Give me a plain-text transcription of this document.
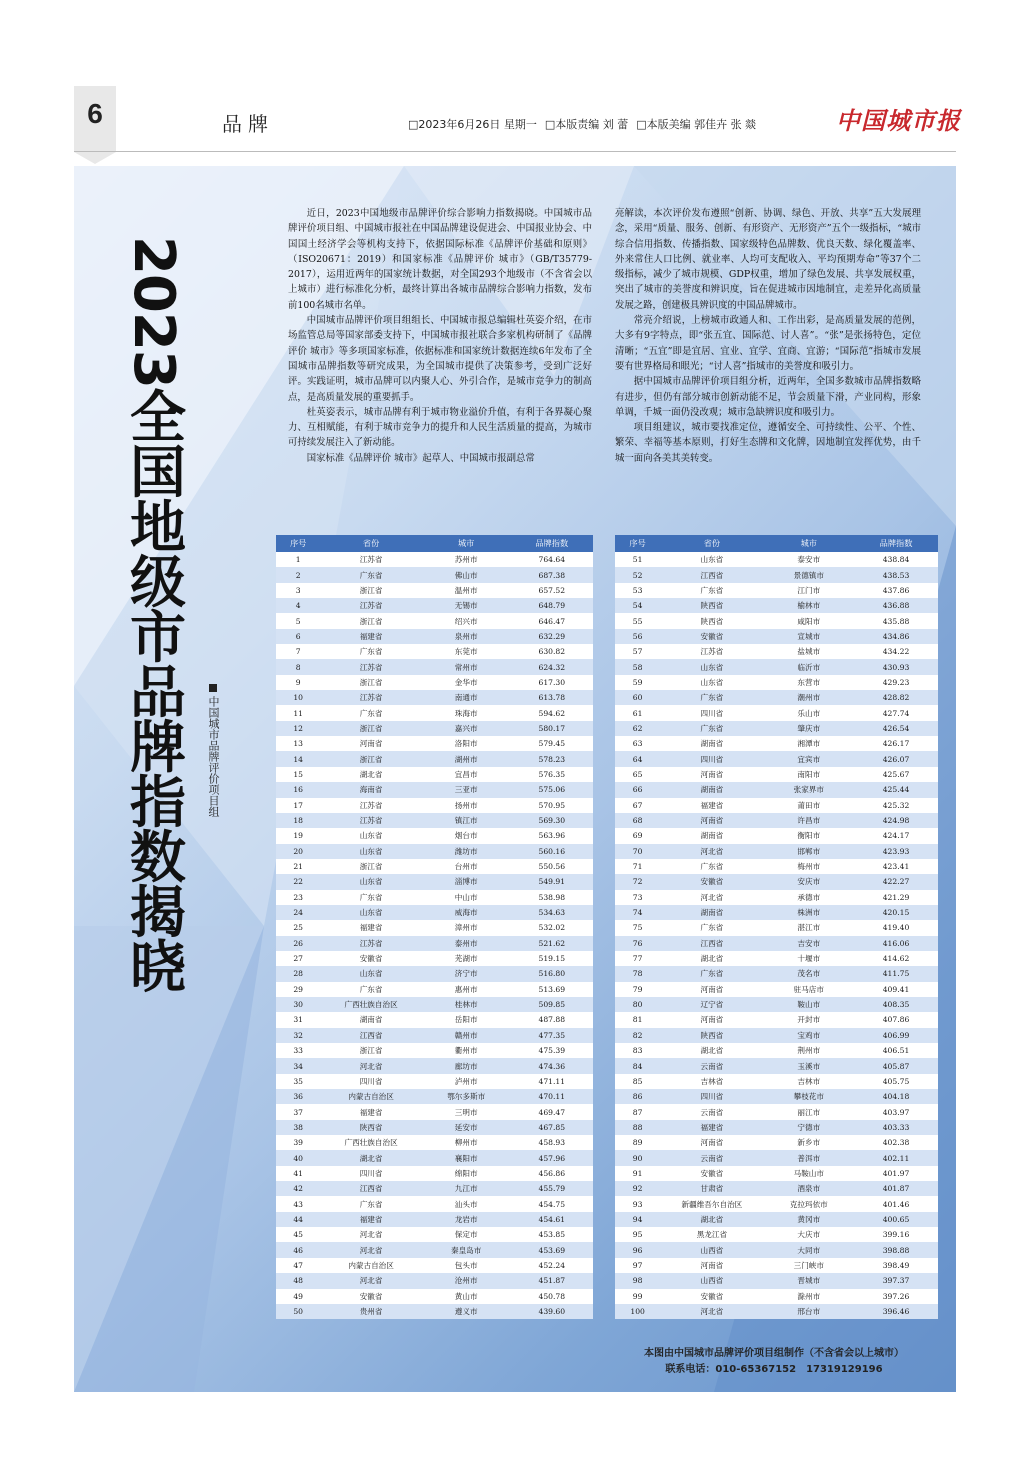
6	品牌	□2023年6月26日 星期一 □本版责编 刘 蕾 □本版美编 郭佳卉 张 燚	中国城市报
2023全国地级市品牌指数揭晓 中国城市品牌评价项目组

近日，2023中国地级市品牌评价综合影响力指数揭晓。中国城市品牌评价项目组、中国城市报社在中国品牌建设促进会、中国报业协会、中国国土经济学会等机构支持下，依据国际标准《品牌评价基础和原则》（ISO20671：2019）和国家标准《品牌评价 城市》（GB/T35779-2017），运用近两年的国家统计数据，对全国293个地级市（不含省会以上城市）进行标准化分析，最终计算出各城市品牌综合影响力指数，发布前100名城市名单。

中国城市品牌评价项目组组长、中国城市报总编辑杜英姿介绍，在市场监管总局等国家部委支持下，中国城市报社联合多家机构研制了《品牌评价 城市》等多项国家标准，依据标准和国家统计数据连续6年发布了全国城市品牌指数等研究成果，为全国城市提供了决策参考，受到广泛好评。实践证明，城市品牌可以内聚人心、外引合作，是城市竞争力的制高点，是高质量发展的重要抓手。

杜英姿表示，城市品牌有利于城市物业溢价升值，有利于各界凝心聚力、互相赋能，有利于城市竞争力的提升和人民生活质量的提高，为城市可持续发展注入了新动能。

国家标准《品牌评价 城市》起草人、中国城市报副总常

亮解读，本次评价发布遵照“创新、协调、绿色、开放、共享”五大发展理念，采用“质量、服务、创新、有形资产、无形资产”五个一级指标，“城市综合信用指数、传播指数、国家级特色品牌数、优良天数、绿化覆盖率、外来常住人口比例、就业率、人均可支配收入、平均预期寿命”等37个二级指标，减少了城市规模、GDP权重，增加了绿色发展、共享发展权重，突出了城市的美誉度和辨识度，旨在促进城市因地制宜，走差异化高质量发展之路，创建极具辨识度的中国品牌城市。

常亮介绍说，上榜城市政通人和、工作出彩，是高质量发展的范例，大多有9字特点，即“张五宜、国际范、讨人喜”。“张”是张扬特色，定位清晰；“五宜”即是宜居、宜业、宜学、宜商、宜游；“国际范”指城市发展要有世界格局和眼光；“讨人喜”指城市的美誉度和吸引力。

据中国城市品牌评价项目组分析，近两年，全国多数城市品牌指数略有进步，但仍有部分城市创新动能不足，节会质量下滑，产业同构，形象单调，千城一面仍没改观；城市急缺辨识度和吸引力。

项目组建议，城市要找准定位，遵循安全、可持续性、公平、个性、繁荣、幸福等基本原则，打好生态牌和文化牌，因地制宜发挥优势，由千城一面向各美其美转变。

序号	省份	城市	品牌指数
1	江苏省	苏州市	764.64
2	广东省	佛山市	687.38
3	浙江省	温州市	657.52
4	江苏省	无锡市	648.79
5	浙江省	绍兴市	646.47
6	福建省	泉州市	632.29
7	广东省	东莞市	630.82
8	江苏省	常州市	624.32
9	浙江省	金华市	617.30
10	江苏省	南通市	613.78
11	广东省	珠海市	594.62
12	浙江省	嘉兴市	580.17
13	河南省	洛阳市	579.45
14	浙江省	湖州市	578.23
15	湖北省	宜昌市	576.35
16	海南省	三亚市	575.06
17	江苏省	扬州市	570.95
18	江苏省	镇江市	569.30
19	山东省	烟台市	563.96
20	山东省	潍坊市	560.16
21	浙江省	台州市	550.56
22	山东省	淄博市	549.91
23	广东省	中山市	538.98
24	山东省	威海市	534.63
25	福建省	漳州市	532.02
26	江苏省	泰州市	521.62
27	安徽省	芜湖市	519.15
28	山东省	济宁市	516.80
29	广东省	惠州市	513.69
30	广西壮族自治区	桂林市	509.85
31	湖南省	岳阳市	487.88
32	江西省	赣州市	477.35
33	浙江省	衢州市	475.39
34	河北省	廊坊市	474.36
35	四川省	泸州市	471.11
36	内蒙古自治区	鄂尔多斯市	470.11
37	福建省	三明市	469.47
38	陕西省	延安市	467.85
39	广西壮族自治区	柳州市	458.93
40	湖北省	襄阳市	457.96
41	四川省	绵阳市	456.86
42	江西省	九江市	455.79
43	广东省	汕头市	454.75
44	福建省	龙岩市	454.61
45	河北省	保定市	453.85
46	河北省	秦皇岛市	453.69
47	内蒙古自治区	包头市	452.24
48	河北省	沧州市	451.87
49	安徽省	黄山市	450.78
50	贵州省	遵义市	439.60
序号	省份	城市	品牌指数
51	山东省	泰安市	438.84
52	江西省	景德镇市	438.53
53	广东省	江门市	437.86
54	陕西省	榆林市	436.88
55	陕西省	咸阳市	435.88
56	安徽省	宣城市	434.86
57	江苏省	盐城市	434.22
58	山东省	临沂市	430.93
59	山东省	东营市	429.23
60	广东省	潮州市	428.82
61	四川省	乐山市	427.74
62	广东省	肇庆市	426.54
63	湖南省	湘潭市	426.17
64	四川省	宜宾市	426.07
65	河南省	南阳市	425.67
66	湖南省	张家界市	425.44
67	福建省	莆田市	425.32
68	河南省	许昌市	424.98
69	湖南省	衡阳市	424.17
70	河北省	邯郸市	423.93
71	广东省	梅州市	423.41
72	安徽省	安庆市	422.27
73	河北省	承德市	421.29
74	湖南省	株洲市	420.15
75	广东省	湛江市	419.40
76	江西省	吉安市	416.06
77	湖北省	十堰市	414.62
78	广东省	茂名市	411.75
79	河南省	驻马店市	409.41
80	辽宁省	鞍山市	408.35
81	河南省	开封市	407.86
82	陕西省	宝鸡市	406.99
83	湖北省	荆州市	406.51
84	云南省	玉溪市	405.87
85	吉林省	吉林市	405.75
86	四川省	攀枝花市	404.18
87	云南省	丽江市	403.97
88	福建省	宁德市	403.33
89	河南省	新乡市	402.38
90	云南省	普洱市	402.11
91	安徽省	马鞍山市	401.97
92	甘肃省	酒泉市	401.87
93	新疆维吾尔自治区	克拉玛依市	401.46
94	湖北省	黄冈市	400.65
95	黑龙江省	大庆市	399.16
96	山西省	大同市	398.88
97	河南省	三门峡市	398.49
98	山西省	晋城市	397.37
99	安徽省	滁州市	397.26
100	河北省	邢台市	396.46
本图由中国城市品牌评价项目组制作（不含省会以上城市）
联系电话：010-65367152　17319129196
